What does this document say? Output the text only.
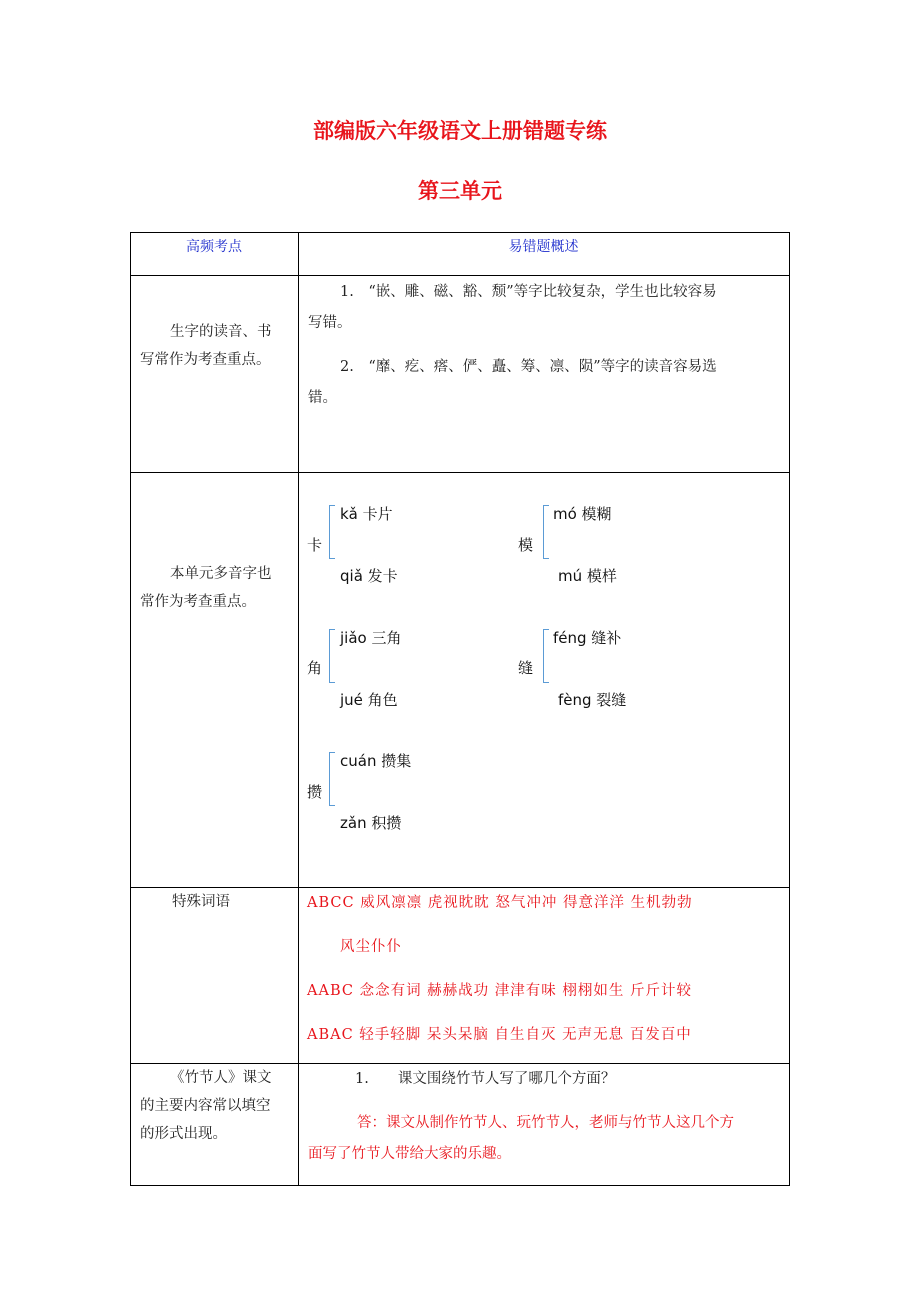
部编版六年级语文上册错题专练
第三单元
高频考点	易错题概述
生字的读音、书
写常作为考查重点。
1.　“嵌、雕、磁、豁、颓”等字比较复杂，学生也比较容易
写错。
2.　“靡、疙、瘩、俨、矗、筹、凛、陨”等字的读音容易选
错。
本单元多音字也
常作为考查重点。
卡
kǎ 卡片
qiǎ 发卡
模
mó 模糊
mú 模样
角
jiǎo 三角
jué 角色
缝
féng 缝补
fèng 裂缝
攒
cuán 攒集
zǎn 积攒
特殊词语	ABCC 威风凛凛 虎视眈眈 怒气冲冲 得意洋洋 生机勃勃
风尘仆仆
AABC 念念有词 赫赫战功 津津有味 栩栩如生 斤斤计较
ABAC 轻手轻脚 呆头呆脑 自生自灭 无声无息 百发百中
《竹节人》课文
的主要内容常以填空
的形式出现。
1.　　课文围绕竹节人写了哪几个方面？
答：课文从制作竹节人、玩竹节人，老师与竹节人这几个方
面写了竹节人带给大家的乐趣。
